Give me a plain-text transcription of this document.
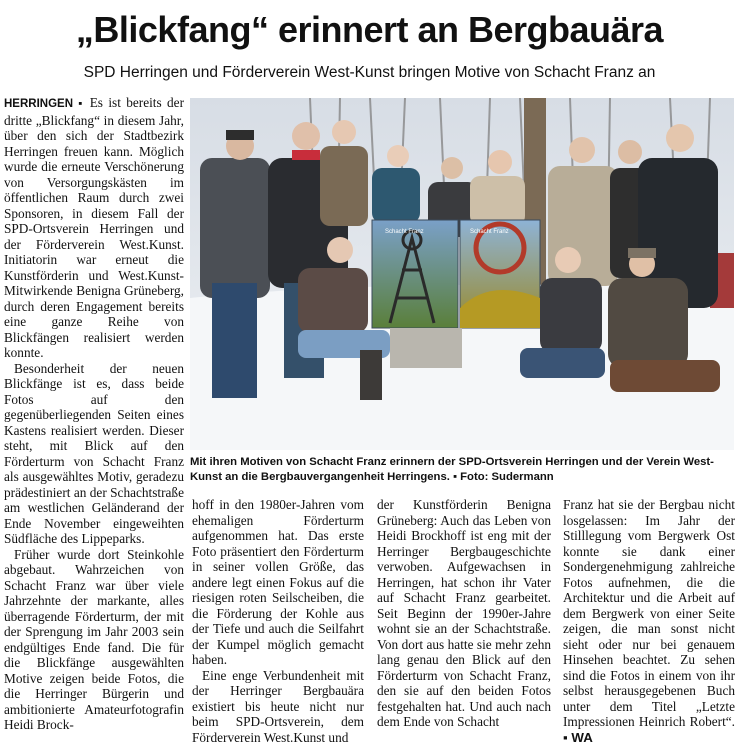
„Blickfang“ erinnert an Bergbauära
SPD Herringen und Förderverein West-Kunst bringen Motive von Schacht Franz an

HERRINGEN ▪ Es ist bereits der dritte „Blickfang“ in diesem Jahr, über den sich der Stadtbezirk Herringen freuen kann. Möglich wurde die erneute Verschönerung von Versorgungskästen im öffentlichen Raum durch zwei Sponsoren, in diesem Fall der SPD-Ortsverein Herringen und der Förderverein West.Kunst. Initiatorin war erneut die Kunstförderin und West.Kunst-Mitwirkende Benigna Grüneberg, durch deren Engagement bereits eine ganze Reihe von Blickfängen realisiert werden konnte.

Besonderheit der neuen Blickfänge ist es, dass beide Fotos auf den gegenüberliegenden Seiten eines Kastens realisiert werden. Dieser steht, mit Blick auf den Förderturm von Schacht Franz als ausgewähltes Motiv, geradezu prädestiniert an der Schachtstraße am westlichen Geländerand der Ende November eingeweihten Südfläche des Lippeparks.

Früher wurde dort Steinkohle abgebaut. Wahrzeichen von Schacht Franz war über viele Jahrzehnte der markante, alles überragende Förderturm, der mit der Sprengung im Jahr 2003 sein endgültiges Ende fand. Die für die Blickfänge ausgewählten Motive zeigen beide Fotos, die die Herringer Bürgerin und ambitionierte Amateurfotografin Heidi Brock-

Schacht Franz	Schacht Franz
Mit ihren Motiven von Schacht Franz erinnern der SPD-Ortsverein Herringen und der Verein West-Kunst an die Bergbauvergangenheit Herringens. ▪ Foto: Sudermann

hoff in den 1980er-Jahren vom ehemaligen Förderturm aufgenommen hat. Das erste Foto präsentiert den Förderturm in seiner vollen Größe, das andere legt einen Fokus auf die riesigen roten Seilscheiben, die die Förderung der Kohle aus der Tiefe und auch die Seilfahrt der Kumpel möglich gemacht haben.

Eine enge Verbundenheit mit der Herringer Bergbauära existiert bis heute nicht nur beim SPD-Ortsverein, dem Förderverein West.Kunst und

der Kunstförderin Benigna Grüneberg: Auch das Leben von Heidi Brockhoff ist eng mit der Herringer Bergbaugeschichte verwoben. Aufgewachsen in Herringen, hat schon ihr Vater auf Schacht Franz gearbeitet. Seit Beginn der 1990er-Jahre wohnt sie an der Schachtstraße. Von dort aus hatte sie mehr zehn lang genau den Blick auf den Förderturm von Schacht Franz, den sie auf den beiden Fotos festgehalten hat. Und auch nach dem Ende von Schacht

Franz hat sie der Bergbau nicht losgelassen: Im Jahr der Stilllegung vom Bergwerk Ost konnte sie dank einer Sondergenehmigung zahlreiche Fotos aufnehmen, die die Architektur und die Arbeit auf dem Bergwerk von einer Seite zeigen, die man sonst nicht sieht oder nur bei genauem Hinsehen beachtet. Zu sehen sind die Fotos in einem von ihr selbst herausgegebenen Buch unter dem Titel „Letzte Impressionen Heinrich Robert“. ▪ WA
